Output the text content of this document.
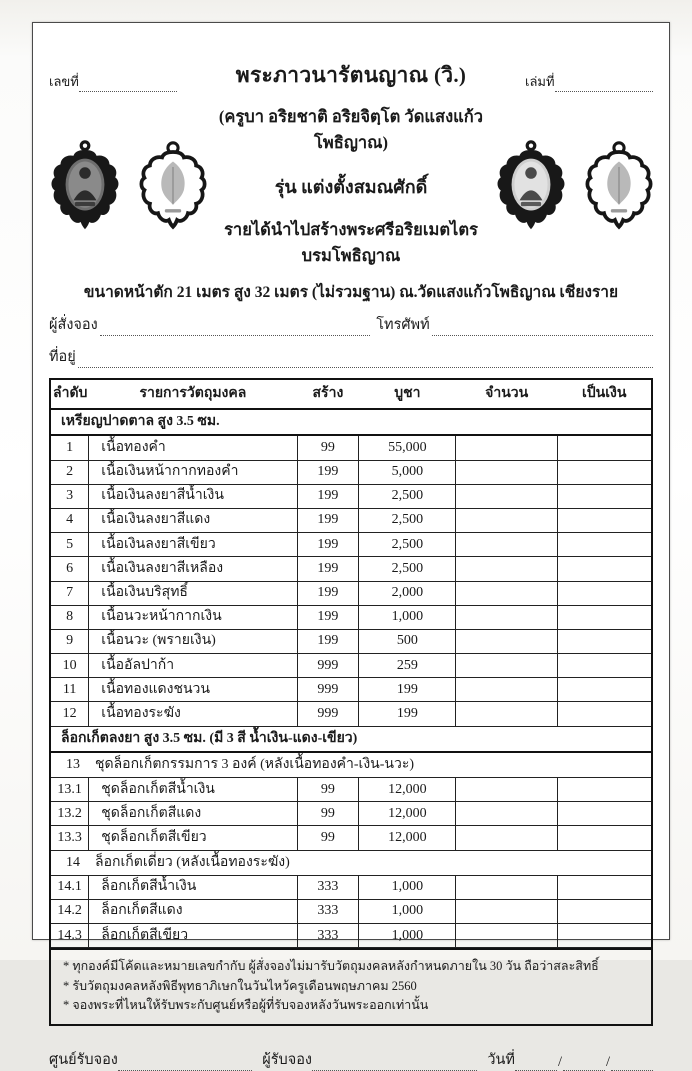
เลขที่	พระภาวนารัตนญาณ (วิ.)	เล่มที่
(ครูบา อริยชาติ อริยจิตฺโต วัดแสงแก้วโพธิญาณ)
รุ่น แต่งตั้งสมณศักดิ์
รายได้นำไปสร้างพระศรีอริยเมตไตรบรมโพธิญาณ
ขนาดหน้าตัก 21 เมตร สูง 32 เมตร (ไม่รวมฐาน) ณ.วัดแสงแก้วโพธิญาณ เชียงราย
ผู้สั่งจอง	โทรศัพท์
ที่อยู่
ลำดับ	รายการวัตถุมงคล	สร้าง	บูชา	จำนวน	เป็นเงิน
เหรียญปาดตาล สูง 3.5 ซม.					
1	เนื้อทองคำ	99	55,000		
2	เนื้อเงินหน้ากากทองคำ	199	5,000		
3	เนื้อเงินลงยาสีน้ำเงิน	199	2,500		
4	เนื้อเงินลงยาสีแดง	199	2,500		
5	เนื้อเงินลงยาสีเขียว	199	2,500		
6	เนื้อเงินลงยาสีเหลือง	199	2,500		
7	เนื้อเงินบริสุทธิ์	199	2,000		
8	เนื้อนวะหน้ากากเงิน	199	1,000		
9	เนื้อนวะ (พรายเงิน)	199	500		
10	เนื้ออัลปาก้า	999	259		
11	เนื้อทองแดงชนวน	999	199		
12	เนื้อทองระฆัง	999	199		
ล็อกเก็ตลงยา สูง 3.5 ซม. (มี 3 สี น้ำเงิน-แดง-เขียว)					
13 ชุดล็อกเก็ตกรรมการ 3 องค์ (หลังเนื้อทองคำ-เงิน-นวะ)					
13.1	ชุดล็อกเก็ตสีน้ำเงิน	99	12,000		
13.2	ชุดล็อกเก็ตสีแดง	99	12,000		
13.3	ชุดล็อกเก็ตสีเขียว	99	12,000		
14 ล็อกเก็ตเดี่ยว (หลังเนื้อทองระฆัง)					
14.1	ล็อกเก็ตสีน้ำเงิน	333	1,000		
14.2	ล็อกเก็ตสีแดง	333	1,000		
14.3	ล็อกเก็ตสีเขียว	333	1,000		
* ทุกองค์มีโค้ดและหมายเลขกำกับ ผู้สั่งจองไม่มารับวัตถุมงคลหลังกำหนดภายใน 30 วัน ถือว่าสละสิทธิ์
* รับวัตถุมงคลหลังพิธีพุทธาภิเษกในวันไหว้ครูเดือนพฤษภาคม 2560
* จองพระที่ไหนให้รับพระกับศูนย์หรือผู้ที่รับจองหลังวันพระออกเท่านั้น
ศูนย์รับจอง	ผู้รับจอง	วันที่	/	/
